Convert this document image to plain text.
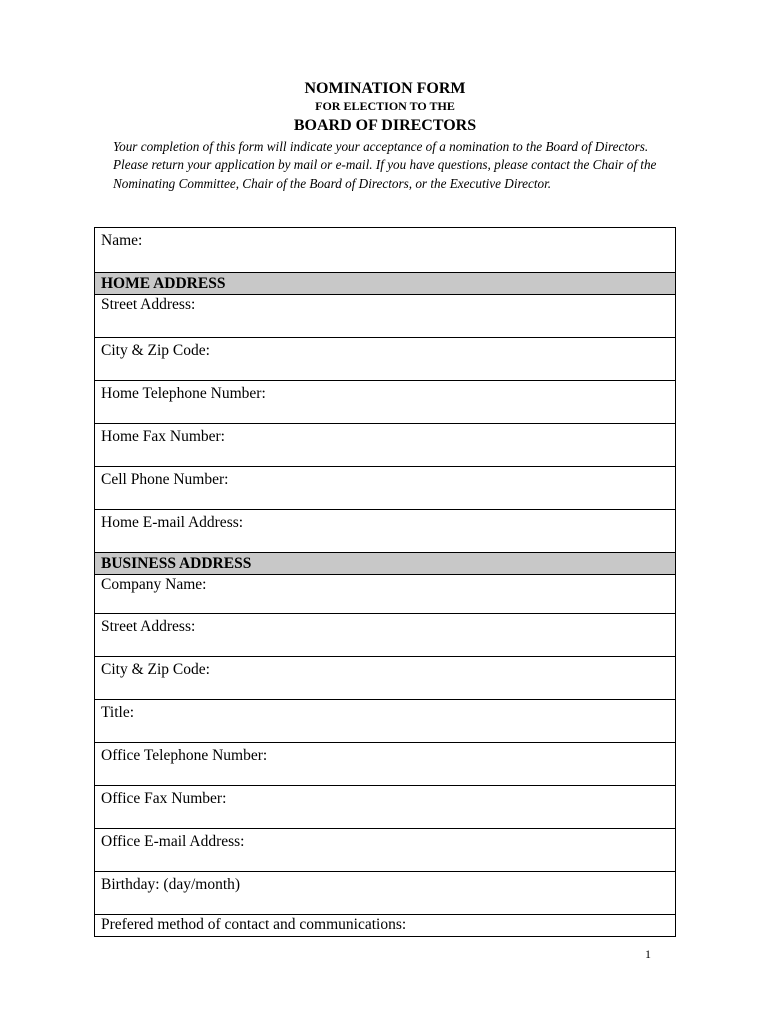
NOMINATION FORM
FOR ELECTION TO THE
BOARD OF DIRECTORS

Your completion of this form will indicate your acceptance of a nomination to the Board of Directors. Please return your application by mail or e-mail. If you have questions, please contact the Chair of the Nominating Committee, Chair of the Board of Directors, or the Executive Director.

Name:
HOME ADDRESS
Street Address:
City & Zip Code:
Home Telephone Number:
Home Fax Number:
Cell Phone Number:
Home E-mail Address:
BUSINESS ADDRESS
Company Name:
Street Address:
City & Zip Code:
Title:
Office Telephone Number:
Office Fax Number:
Office E-mail Address:
Birthday: (day/month)
Prefered method of contact and communications:
1
